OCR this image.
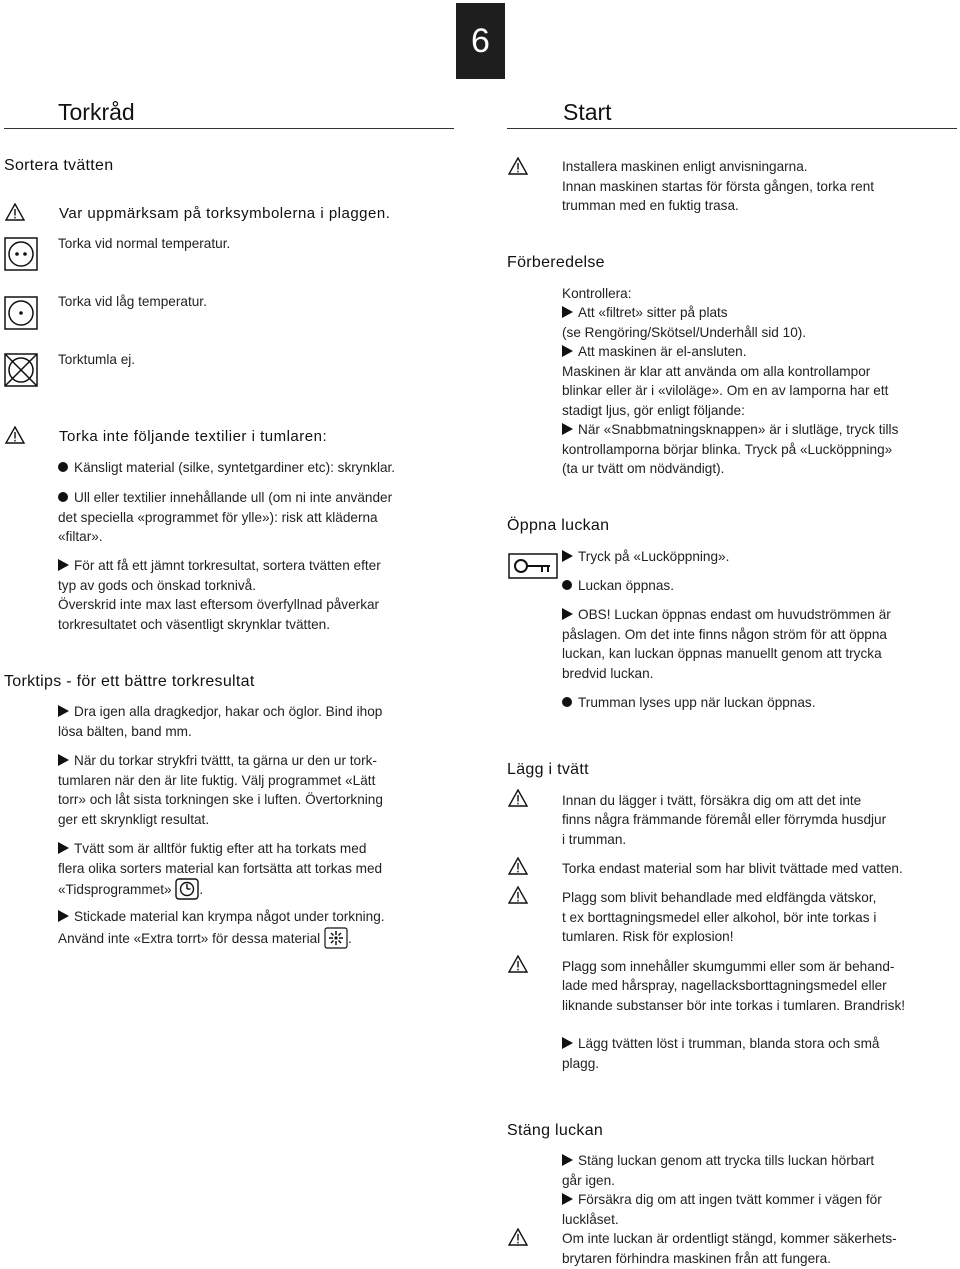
6
Torkråd
Sortera tvätten
Var uppmärksam på torksymbolerna i plaggen.
Torka vid normal temperatur.
Torka vid låg temperatur.
Torktumla ej.
Torka inte följande textilier i tumlaren:
Känsligt material (silke, syntetgardiner etc): skrynklar.
Ull eller textilier innehållande ull (om ni inte använder
det speciella «programmet för ylle»): risk att kläderna
«filtar».
För att få ett jämnt torkresultat, sortera tvätten efter
typ av gods och önskad torknivå.
Överskrid inte max last eftersom överfyllnad påverkar
torkresultatet och väsentligt skrynklar tvätten.
Torktips - för ett bättre torkresultat
Dra igen alla dragkedjor, hakar och öglor. Bind ihop
lösa bälten, band mm.
När du torkar strykfri tvättt, ta gärna ur den ur tork-
tumlaren när den är lite fuktig. Välj programmet «Lätt
torr» och låt sista torkningen ske i luften. Övertorkning
ger ett skrynkligt resultat.
Tvätt som är alltför fuktig efter att ha torkats med
flera olika sorters material kan fortsätta att torkas med
«Tidsprogrammet» .
Stickade material kan krympa något under torkning.
Använd inte «Extra torrt» för dessa material .
Start
Installera maskinen enligt anvisningarna.
Innan maskinen startas för första gången, torka rent
trumman med en fuktig trasa.
Förberedelse
Kontrollera:
Att «filtret» sitter på plats
(se Rengöring/Skötsel/Underhåll sid 10).
Att maskinen är el-ansluten.
Maskinen är klar att använda om alla kontrollampor
blinkar eller är i «viloläge». Om en av lamporna har ett
stadigt ljus, gör enligt följande:
När «Snabbmatningsknappen» är i slutläge, tryck tills
kontrollamporna börjar blinka. Tryck på «Lucköppning»
(ta ur tvätt om nödvändigt).
Öppna luckan
Tryck på «Lucköppning».
Luckan öppnas.
OBS! Luckan öppnas endast om huvudströmmen är
påslagen. Om det inte finns någon ström för att öppna
luckan, kan luckan öppnas manuellt genom att trycka
bredvid luckan.
Trumman lyses upp när luckan öppnas.
Lägg i tvätt
Innan du lägger i tvätt, försäkra dig om att det inte
finns några främmande föremål eller förrymda husdjur
i trumman.
Torka endast material som har blivit tvättade med vatten.
Plagg som blivit behandlade med eldfängda vätskor,
t ex borttagningsmedel eller alkohol, bör inte torkas i
tumlaren. Risk för explosion!
Plagg som innehåller skumgummi eller som är behand-
lade med hårspray, nagellacksborttagningsmedel eller
liknande substanser bör inte torkas i tumlaren. Brandrisk!
Lägg tvätten löst i trumman, blanda stora och små
plagg.
Stäng luckan
Stäng luckan genom att trycka tills luckan hörbart
går igen.
Försäkra dig om att ingen tvätt kommer i vägen för
lucklåset.
Om inte luckan är ordentligt stängd, kommer säkerhets-
brytaren förhindra maskinen från att fungera.
